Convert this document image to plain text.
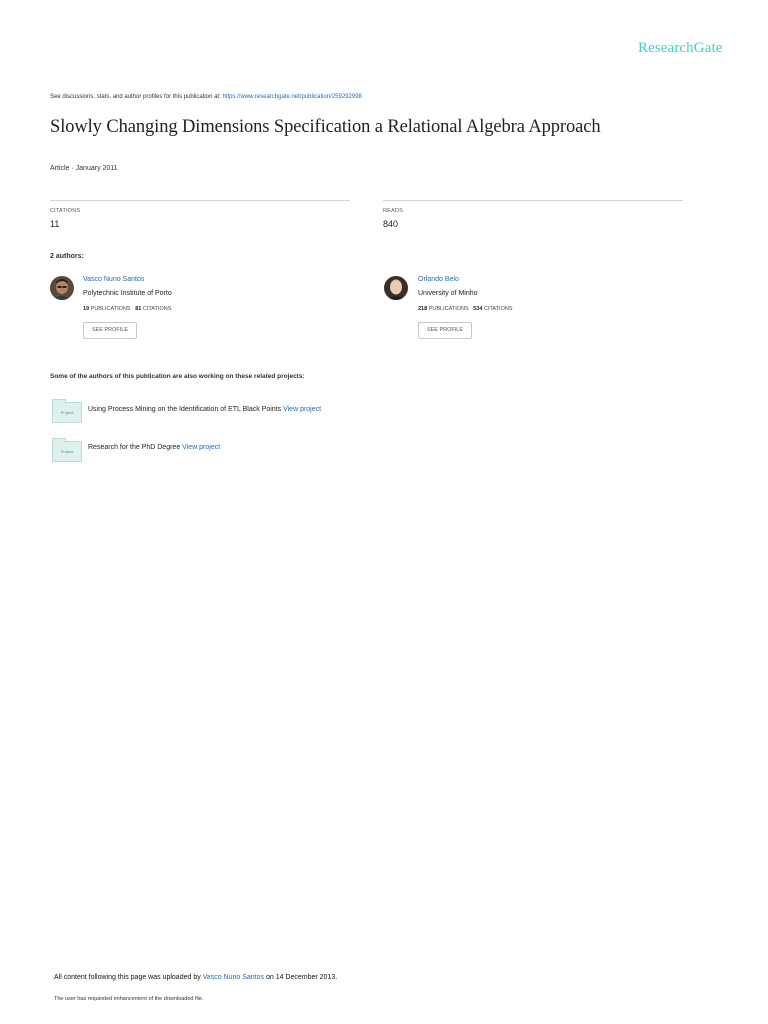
ResearchGate
See discussions, stats, and author profiles for this publication at: https://www.researchgate.net/publication/259292998
Slowly Changing Dimensions Specification a Relational Algebra Approach
Article · January 2011
CITATIONS
11
READS
840
2 authors:
Vasco Nuno Santos
Polytechnic Institute of Porto
19 PUBLICATIONS 81 CITATIONS
SEE PROFILE
Orlando Belo
University of Minho
218 PUBLICATIONS 534 CITATIONS
SEE PROFILE
Some of the authors of this publication are also working on these related projects:
Project	Using Process Mining on the Identification of ETL Black Points View project
Project
Research for the PhD Degree View project
All content following this page was uploaded by Vasco Nuno Santos on 14 December 2013.
The user has requested enhancement of the downloaded file.
